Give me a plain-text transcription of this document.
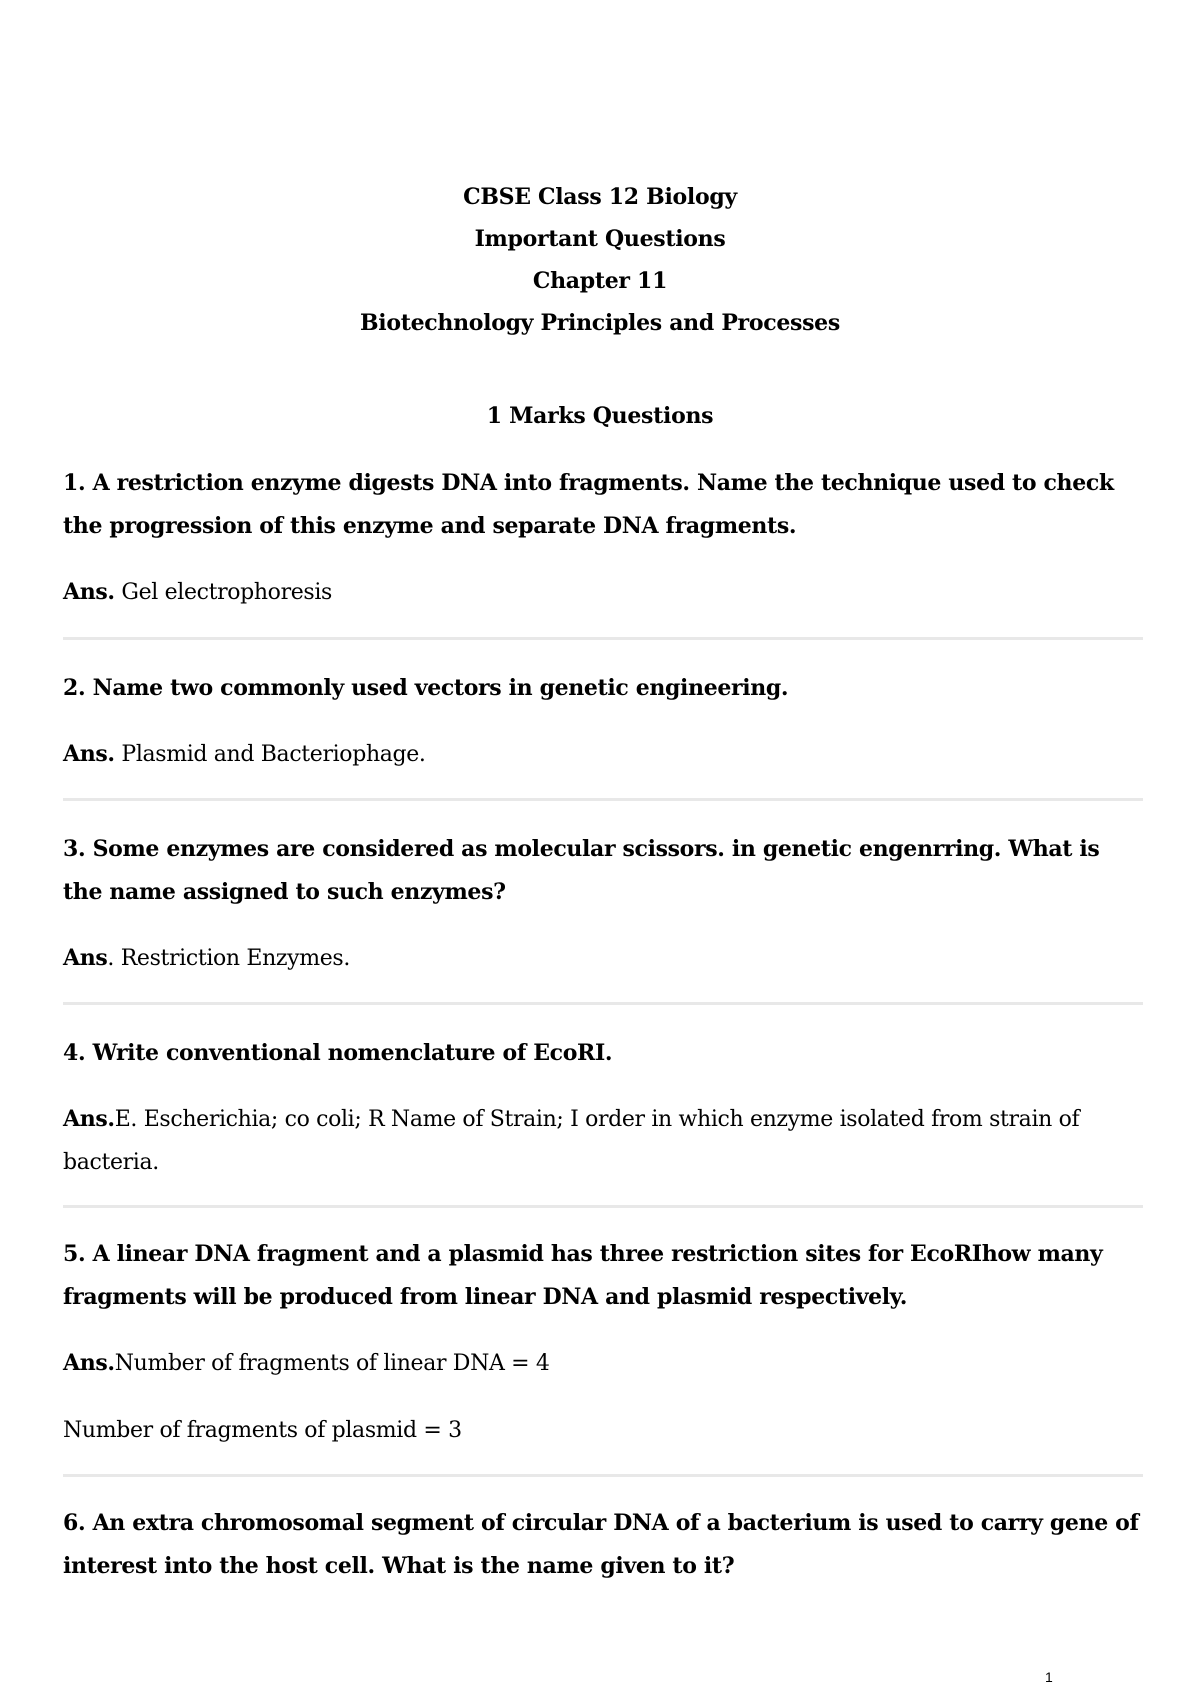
CBSE Class 12 Biology
Important Questions
Chapter 11
Biotechnology Principles and Processes
1 Marks Questions

1. A restriction enzyme digests DNA into fragments. Name the technique used to check the progression of this enzyme and separate DNA fragments.

Ans. Gel electrophoresis

2. Name two commonly used vectors in genetic engineering.

Ans. Plasmid and Bacteriophage.

3. Some enzymes are considered as molecular scissors. in genetic engenrring. What is the name assigned to such enzymes?

Ans. Restriction Enzymes.

4. Write conventional nomenclature of EcoRI.

Ans.E. Escherichia; co coli; R Name of Strain; I order in which enzyme isolated from strain of bacteria.

5. A linear DNA fragment and a plasmid has three restriction sites for EcoRIhow many fragments will be produced from linear DNA and plasmid respectively.

Ans.Number of fragments of linear DNA = 4

Number of fragments of plasmid = 3

6. An extra chromosomal segment of circular DNA of a bacterium is used to carry gene of interest into the host cell. What is the name given to it?

1
